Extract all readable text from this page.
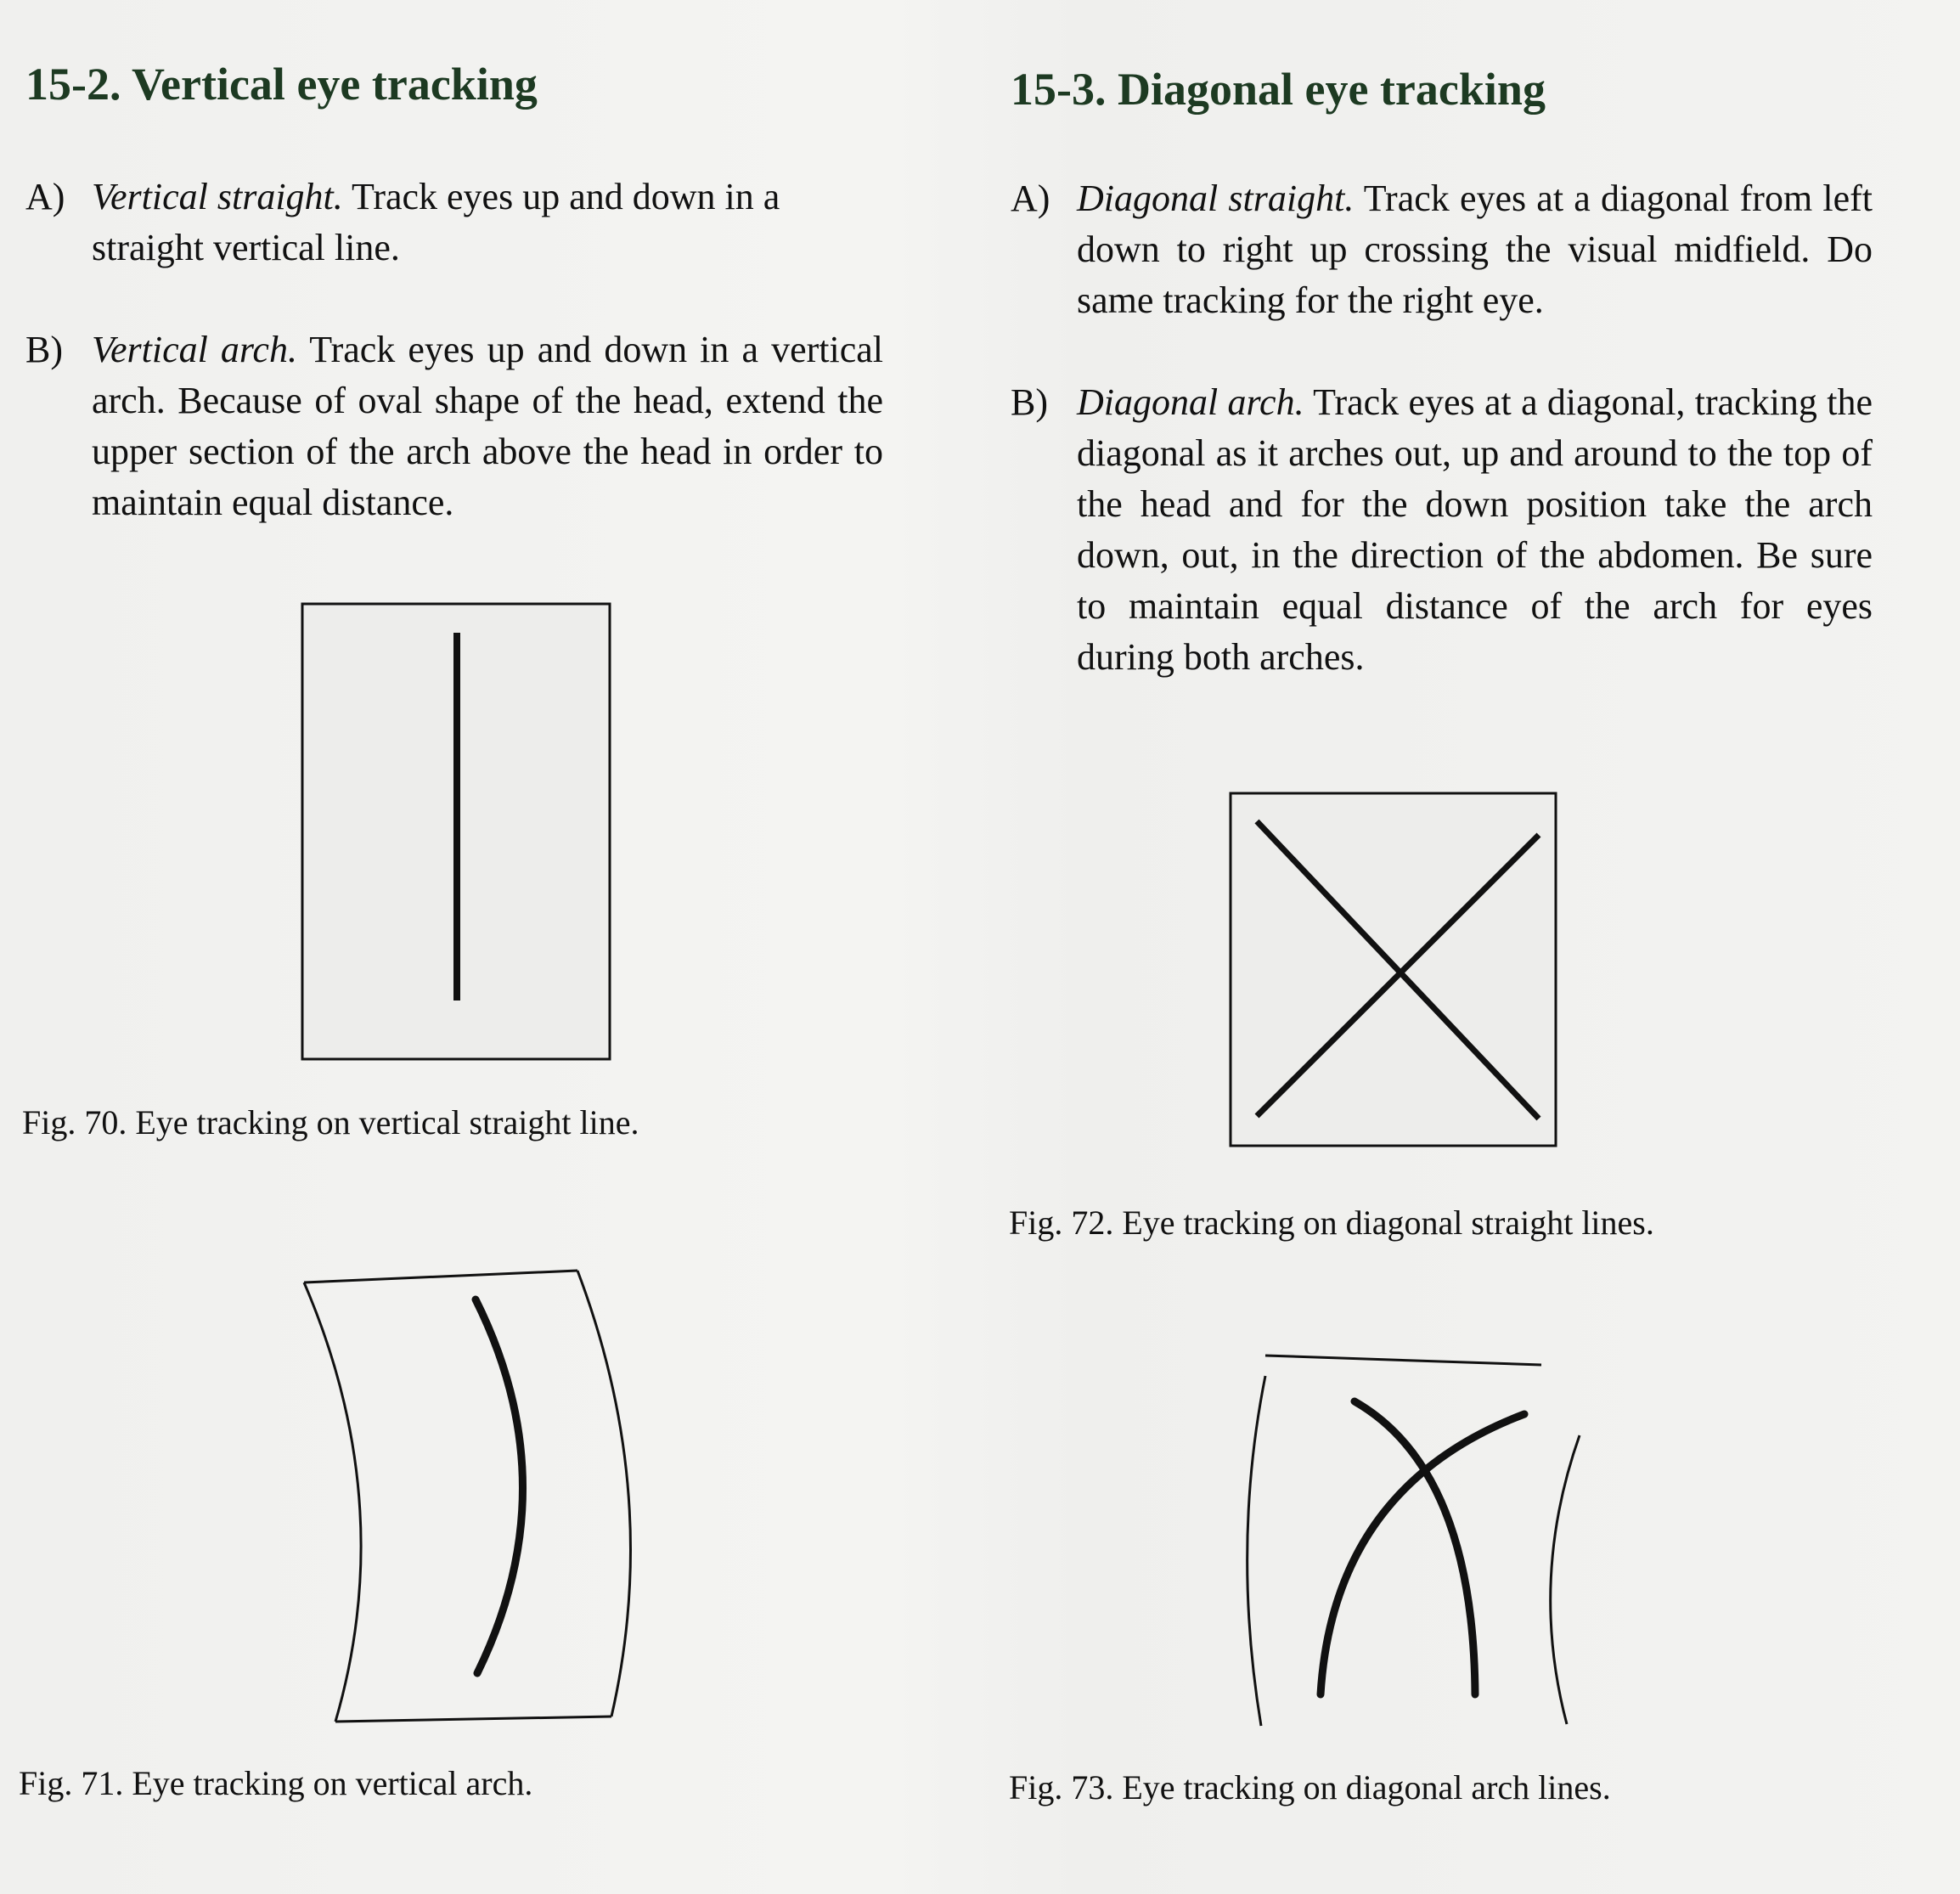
15-2. Vertical eye tracking
A) Vertical straight. Track eyes up and down in a straight vertical line.
B) Vertical arch. Track eyes up and down in a vertical arch. Because of oval shape of the head, extend the upper section of the arch above the head in order to maintain equal distance.
Fig. 70. Eye tracking on vertical straight line.
Fig. 71. Eye tracking on vertical arch.
15-3. Diagonal eye tracking
A) Diagonal straight. Track eyes at a diagonal from left down to right up crossing the visual midfield. Do same tracking for the right eye.
B) Diagonal arch. Track eyes at a diagonal, tracking the diagonal as it arches out, up and around to the top of the head and for the down position take the arch down, out, in the direction of the abdomen. Be sure to maintain equal distance of the arch for eyes during both arches.
Fig. 72. Eye tracking on diagonal straight lines.
Fig. 73. Eye tracking on diagonal arch lines.
